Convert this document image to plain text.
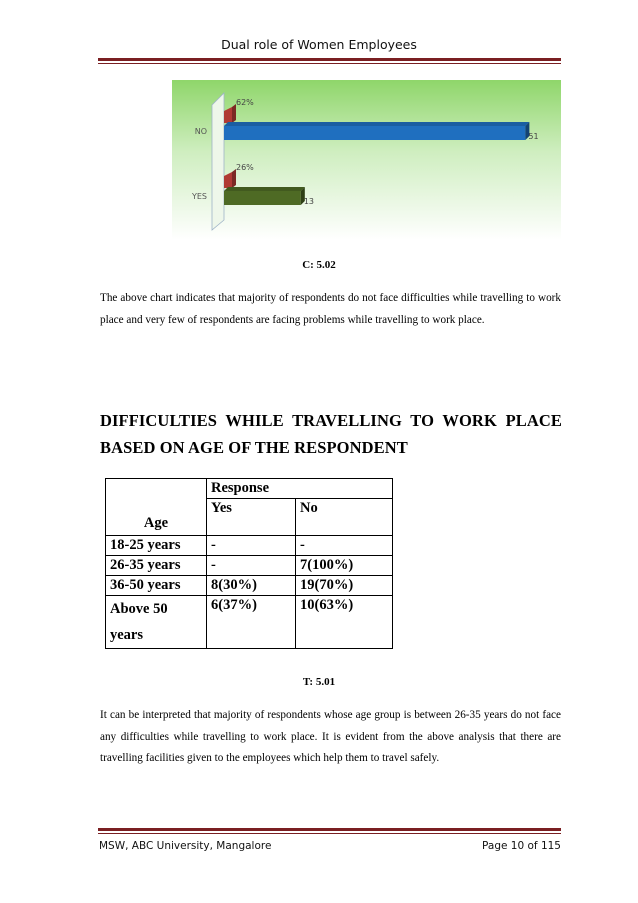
Dual role of Women Employees
NO
62%
51
YES
26%
13
C: 5.02

The above chart indicates that majority of respondents do not face difficulties while travelling to work place and very few of respondents are facing problems while travelling to work place.

DIFFICULTIES WHILE TRAVELLING TO WORK PLACE BASED ON AGE OF THE RESPONDENT
Age	Response	
	Yes	No
18-25 years	-	-
26-35 years	-	7(100%)
36-50 years	8(30%)	19(70%)
Above 50 years	6(37%)	10(63%)
T: 5.01

It can be interpreted that majority of respondents whose age group is between 26-35 years do not face any difficulties while travelling to work place. It is evident from the above analysis that there are travelling facilities given to the employees which help them to travel safely.

MSW, ABC University, Mangalore	Page 10 of 115
